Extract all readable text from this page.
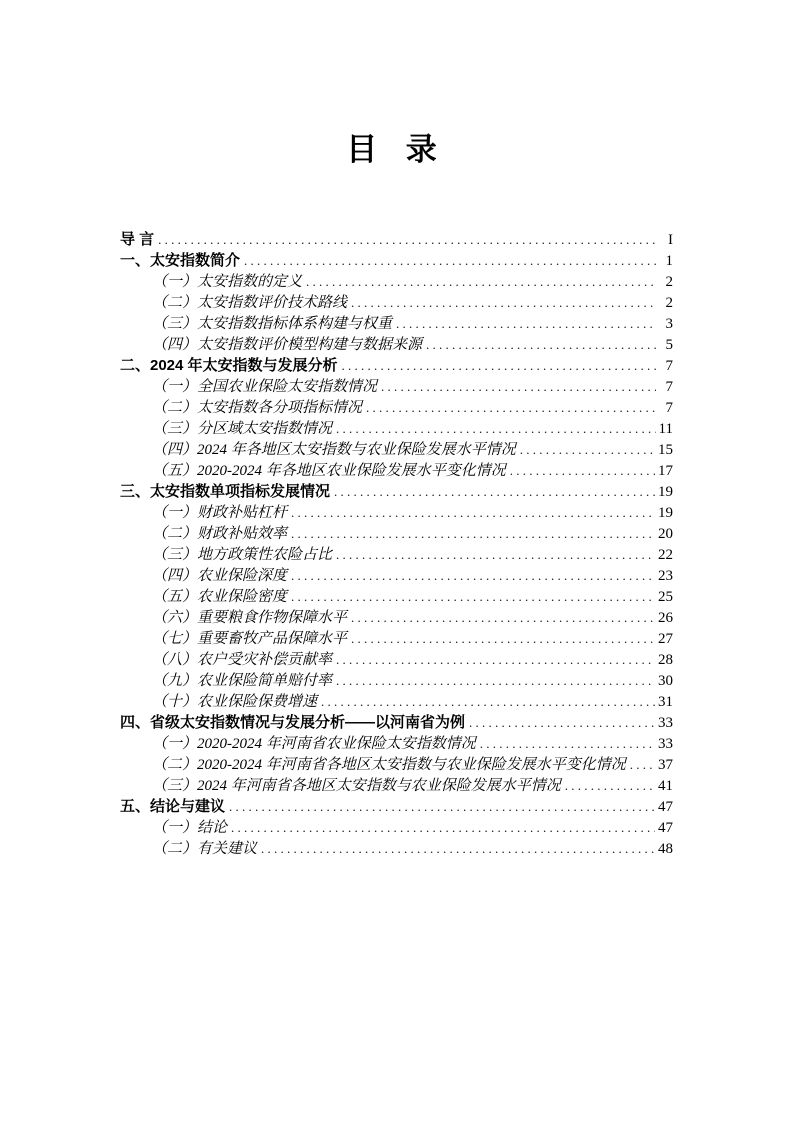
目 录
导 言 . . .	I
一、太安指数简介 . . .	1
（一）太安指数的定义 . . .	2
（二）太安指数评价技术路线 . . .	2
（三）太安指数指标体系构建与权重 . . .	3
（四）太安指数评价模型构建与数据来源 . . .	5
二、2024 年太安指数与发展分析 . . .	7
（一）全国农业保险太安指数情况 . . .	7
（二）太安指数各分项指标情况 . . .	7
（三）分区域太安指数情况 . . .	11
（四）2024 年各地区太安指数与农业保险发展水平情况 . . .	15
（五）2020-2024 年各地区农业保险发展水平变化情况 . . .	17
三、太安指数单项指标发展情况 . . .	19
（一）财政补贴杠杆 . . .	19
（二）财政补贴效率 . . .	20
（三）地方政策性农险占比 . . .	22
（四）农业保险深度 . . .	23
（五）农业保险密度 . . .	25
（六）重要粮食作物保障水平 . . .	26
（七）重要畜牧产品保障水平 . . .	27
（八）农户受灾补偿贡献率 . . .	28
（九）农业保险简单赔付率 . . .	30
（十）农业保险保费增速 . . .	31
四、省级太安指数情况与发展分析——以河南省为例 . . .	33
（一）2020-2024 年河南省农业保险太安指数情况 . . .	33
（二）2020-2024 年河南省各地区太安指数与农业保险发展水平变化情况 . . . 37
（三）2024 年河南省各地区太安指数与农业保险发展水平情况 . . .	41
五、结论与建议 . . .	47
（一）结论 . . .	47
（二）有关建议 . . .	48
